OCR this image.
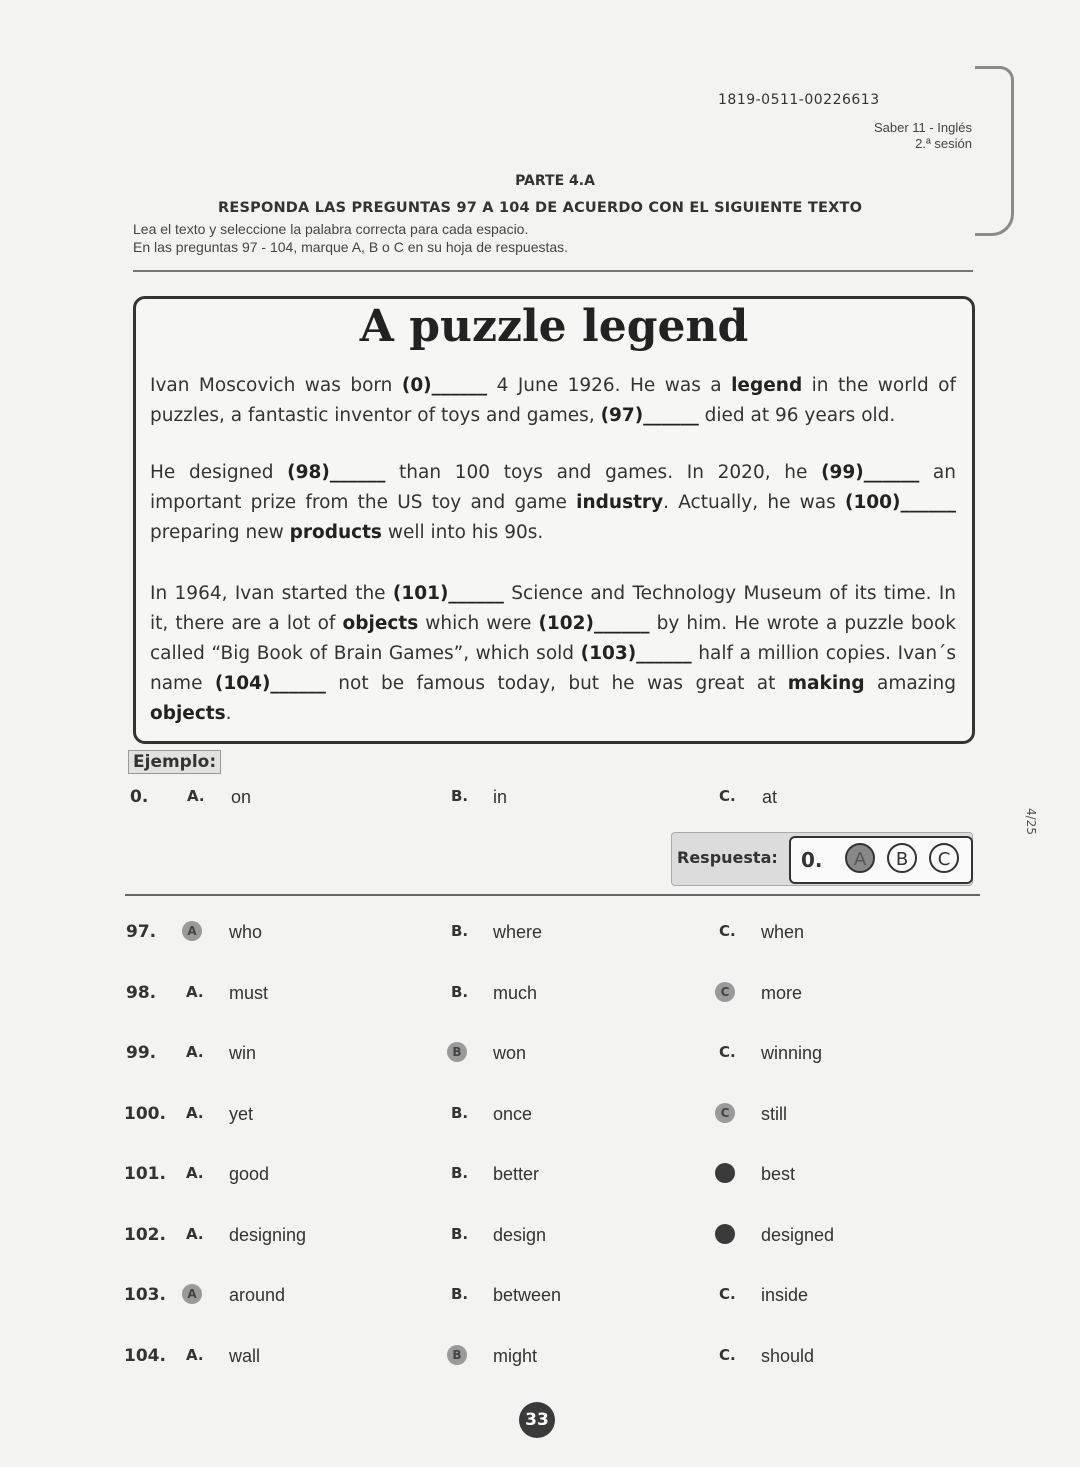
1819-0511-00226613
Saber 11 - Inglés
2.ª sesión
PARTE 4.A
RESPONDA LAS PREGUNTAS 97 A 104 DE ACUERDO CON EL SIGUIENTE TEXTO
Lea el texto y seleccione la palabra correcta para cada espacio.
En las preguntas 97 - 104, marque A, B o C en su hoja de respuestas.
A puzzle legend
Ivan Moscovich was born (0)______ 4 June 1926. He was a legend in the world of puzzles, a fantastic inventor of toys and games, (97)______ died at 96 years old.
He designed (98)______ than 100 toys and games. In 2020, he (99)______ an important prize from the US toy and game industry. Actually, he was (100)______ preparing new products well into his 90s.
In 1964, Ivan started the (101)______ Science and Technology Museum of its time. In it, there are a lot of objects which were (102)______ by him. He wrote a puzzle book called “Big Book of Brain Games”, which sold (103)______ half a million copies. Ivan´s name (104)______ not be famous today, but he was great at making amazing objects.
Ejemplo:
0.	A. on	B. in	C. at
Respuesta: 0.	A	B	C
97.	A who	B. where	C. when
98. A. must	B. much	C	more
99. A. win	B	won	C. winning
100. A. yet	B. once	C	still
101. A. good	B. better	C	best
102. A. designing	B. design	C	designed
103.	A around	B. between	C. inside
104. A. wall	B	might	C. should
4/25
33
